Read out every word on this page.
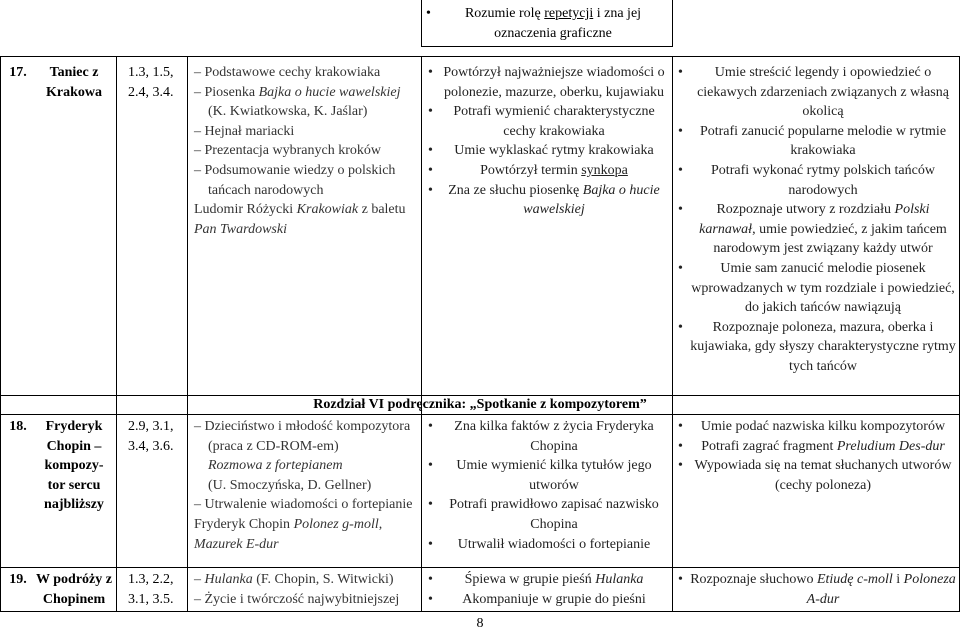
• Rozumie rolę repetycji i zna jej oznaczenia graficzne
17.	Taniec z Krakowa
1.3, 1.5, 2.4, 3.4.
– Podstawowe cechy krakowiaka
– Piosenka Bajka o hucie wawelskiej
(K. Kwiatkowska, K. Jaślar)
– Hejnał mariacki
– Prezentacja wybranych kroków
– Podsumowanie wiedzy o polskich tańcach narodowych
Ludomir Różycki Krakowiak z baletu Pan Twardowski
• Powtórzył najważniejsze wiadomości o polonezie, mazurze, oberku, kujawiaku
• Potrafi wymienić charakterystyczne cechy krakowiaka
• Umie wyklaskać rytmy krakowiaka
• Powtórzył termin synkopa
• Zna ze słuchu piosenkę Bajka o hucie wawelskiej
• Umie streścić legendy i opowiedzieć o ciekawych zdarzeniach związanych z własną okolicą
• Potrafi zanucić popularne melodie w rytmie krakowiaka
• Potrafi wykonać rytmy polskich tańców narodowych
• Rozpoznaje utwory z rozdziału Polski karnawał, umie powiedzieć, z jakim tańcem narodowym jest związany każdy utwór
• Umie sam zanucić melodie piosenek wprowadzanych w tym rozdziale i powiedzieć, do jakich tańców nawiązują
• Rozpoznaje poloneza, mazura, oberka i kujawiaka, gdy słyszy charakterystyczne rytmy tych tańców
Rozdział VI podręcznika: „Spotkanie z kompozytorem”
18.	Fryderyk Chopin – kompozy-tor sercu najbliższy
2.9, 3.1, 3.4, 3.6.
– Dzieciństwo i młodość kompozytora (praca z CD-ROM-em)
Rozmowa z fortepianem
(U. Smoczyńska, D. Gellner)
– Utrwalenie wiadomości o fortepianie
Fryderyk Chopin Polonez g-moll,
Mazurek E-dur
• Zna kilka faktów z życia Fryderyka Chopina
• Umie wymienić kilka tytułów jego utworów
• Potrafi prawidłowo zapisać nazwisko Chopina
• Utrwalił wiadomości o fortepianie
• Umie podać nazwiska kilku kompozytorów
• Potrafi zagrać fragment Preludium Des-dur
• Wypowiada się na temat słuchanych utworów (cechy poloneza)
19. W podróży z Chopinem
1.3, 2.2, 3.1, 3.5.
– Hulanka (F. Chopin, S. Witwicki)
– Życie i twórczość najwybitniejszej
• Śpiewa w grupie pieśń Hulanka
• Akompaniuje w grupie do pieśni
• Rozpoznaje słuchowo Etiudę c-moll i Poloneza A-dur
8
